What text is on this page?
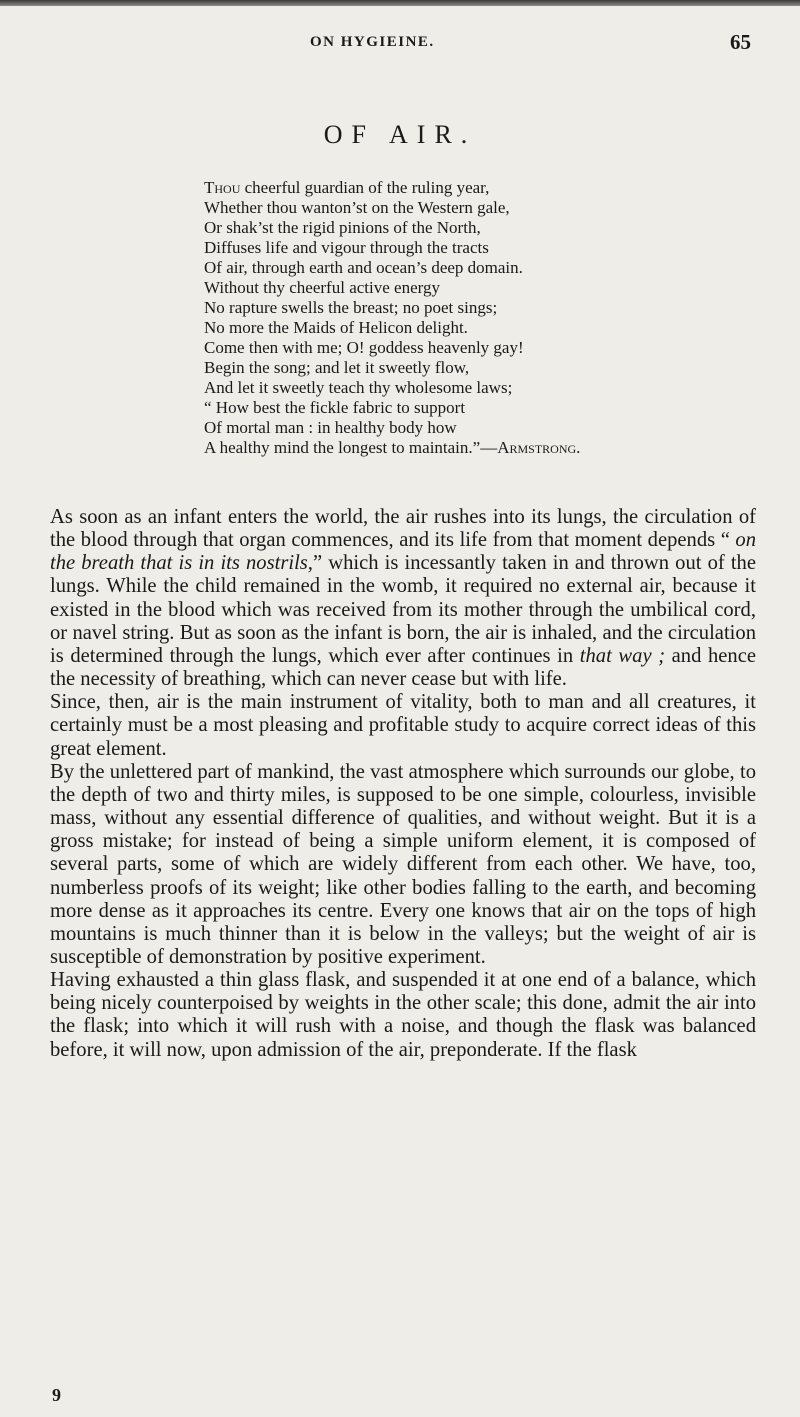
ON HYGIEINE.	65
OF AIR.
Thou cheerful guardian of the ruling year,
Whether thou wanton’st on the Western gale,
Or shak’st the rigid pinions of the North,
Diffuses life and vigour through the tracts
Of air, through earth and ocean’s deep domain.
Without thy cheerful active energy
No rapture swells the breast; no poet sings;
No more the Maids of Helicon delight.
Come then with me; O! goddess heavenly gay!
Begin the song; and let it sweetly flow,
And let it sweetly teach thy wholesome laws;
“ How best the fickle fabric to support
Of mortal man : in healthy body how
A healthy mind the longest to maintain.”—Armstrong.

As soon as an infant enters the world, the air rushes into its lungs, the circulation of the blood through that organ commences, and its life from that moment depends “ on the breath that is in its nostrils,” which is incessantly taken in and thrown out of the lungs. While the child remained in the womb, it required no external air, because it existed in the blood which was received from its mother through the umbilical cord, or navel string. But as soon as the infant is born, the air is inhaled, and the circulation is determined through the lungs, which ever after continues in that way ; and hence the necessity of breathing, which can never cease but with life.

Since, then, air is the main instrument of vitality, both to man and all creatures, it certainly must be a most pleasing and profitable study to acquire correct ideas of this great element.

By the unlettered part of mankind, the vast atmosphere which surrounds our globe, to the depth of two and thirty miles, is supposed to be one simple, colourless, invisible mass, without any essential difference of qualities, and without weight. But it is a gross mistake; for instead of being a simple uniform element, it is composed of several parts, some of which are widely different from each other. We have, too, numberless proofs of its weight; like other bodies falling to the earth, and becoming more dense as it approaches its centre. Every one knows that air on the tops of high mountains is much thinner than it is below in the valleys; but the weight of air is susceptible of demonstration by positive experiment.

Having exhausted a thin glass flask, and suspended it at one end of a balance, which being nicely counterpoised by weights in the other scale; this done, admit the air into the flask; into which it will rush with a noise, and though the flask was balanced before, it will now, upon admission of the air, preponderate. If the flask

9
